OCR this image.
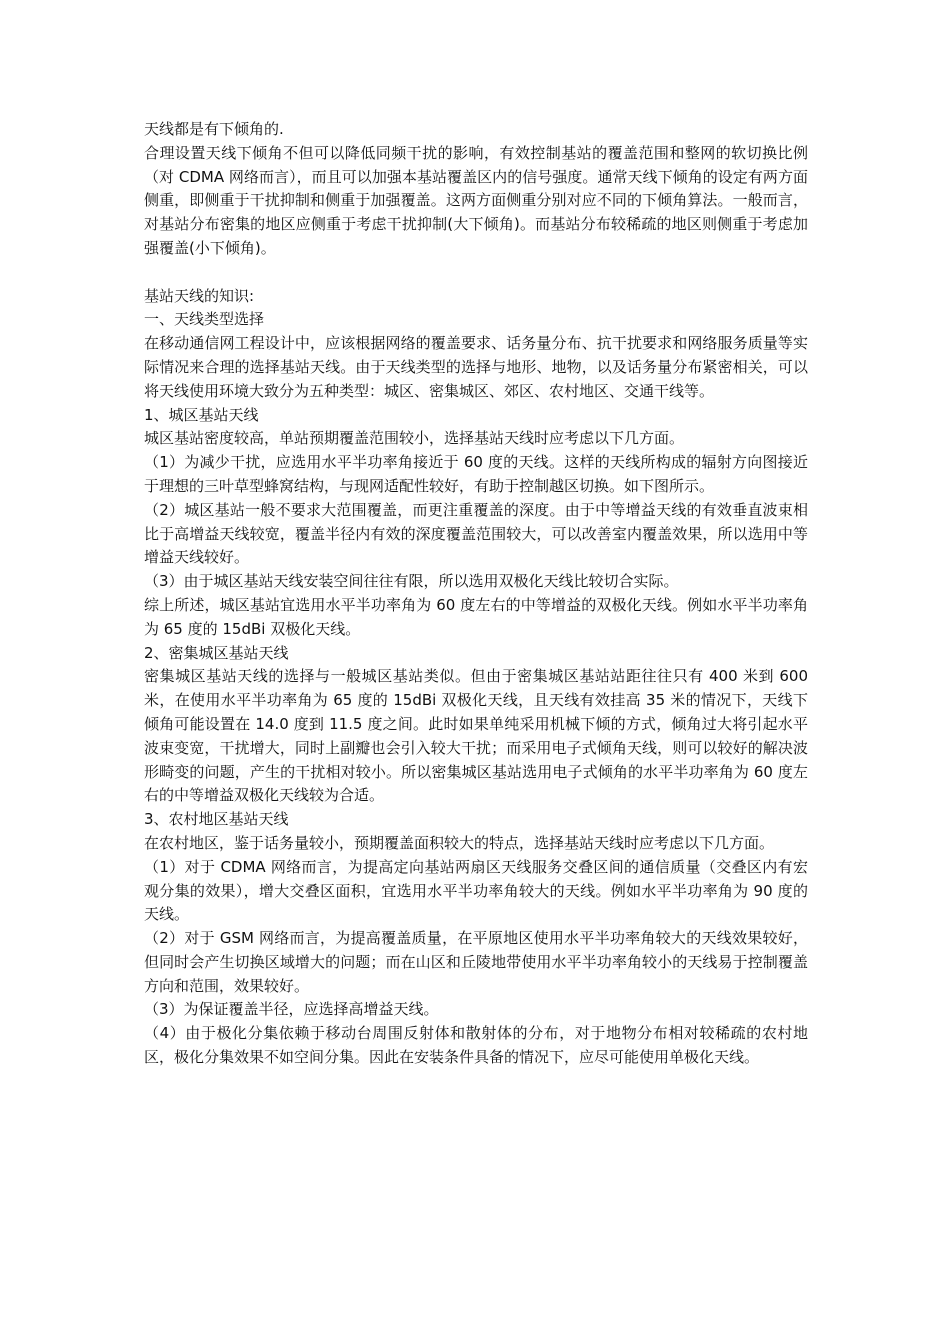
天线都是有下倾角的.

合理设置天线下倾角不但可以降低同频干扰的影响，有效控制基站的覆盖范围和整网的软切换比例（对 CDMA 网络而言），而且可以加强本基站覆盖区内的信号强度。通常天线下倾角的设定有两方面侧重，即侧重于干扰抑制和侧重于加强覆盖。这两方面侧重分别对应不同的下倾角算法。一般而言，对基站分布密集的地区应侧重于考虑干扰抑制(大下倾角)。而基站分布较稀疏的地区则侧重于考虑加强覆盖(小下倾角)。

基站天线的知识:

一、天线类型选择

在移动通信网工程设计中，应该根据网络的覆盖要求、话务量分布、抗干扰要求和网络服务质量等实际情况来合理的选择基站天线。由于天线类型的选择与地形、地物，以及话务量分布紧密相关，可以将天线使用环境大致分为五种类型：城区、密集城区、郊区、农村地区、交通干线等。

1、城区基站天线

城区基站密度较高，单站预期覆盖范围较小，选择基站天线时应考虑以下几方面。

（1）为减少干扰，应选用水平半功率角接近于 60 度的天线。这样的天线所构成的辐射方向图接近于理想的三叶草型蜂窝结构，与现网适配性较好，有助于控制越区切换。如下图所示。

（2）城区基站一般不要求大范围覆盖，而更注重覆盖的深度。由于中等增益天线的有效垂直波束相比于高增益天线较宽，覆盖半径内有效的深度覆盖范围较大，可以改善室内覆盖效果，所以选用中等增益天线较好。

（3）由于城区基站天线安装空间往往有限，所以选用双极化天线比较切合实际。

综上所述，城区基站宜选用水平半功率角为 60 度左右的中等增益的双极化天线。例如水平半功率角为 65 度的 15dBi 双极化天线。

2、密集城区基站天线

密集城区基站天线的选择与一般城区基站类似。但由于密集城区基站站距往往只有 400 米到 600 米，在使用水平半功率角为 65 度的 15dBi 双极化天线，且天线有效挂高 35 米的情况下，天线下倾角可能设置在 14.0 度到 11.5 度之间。此时如果单纯采用机械下倾的方式，倾角过大将引起水平波束变宽，干扰增大，同时上副瓣也会引入较大干扰；而采用电子式倾角天线，则可以较好的解决波形畸变的问题，产生的干扰相对较小。所以密集城区基站选用电子式倾角的水平半功率角为 60 度左右的中等增益双极化天线较为合适。

3、农村地区基站天线

在农村地区，鉴于话务量较小，预期覆盖面积较大的特点，选择基站天线时应考虑以下几方面。

（1）对于 CDMA 网络而言，为提高定向基站两扇区天线服务交叠区间的通信质量（交叠区内有宏观分集的效果），增大交叠区面积，宜选用水平半功率角较大的天线。例如水平半功率角为 90 度的天线。

（2）对于 GSM 网络而言，为提高覆盖质量，在平原地区使用水平半功率角较大的天线效果较好，但同时会产生切换区域增大的问题；而在山区和丘陵地带使用水平半功率角较小的天线易于控制覆盖方向和范围，效果较好。

（3）为保证覆盖半径，应选择高增益天线。

（4）由于极化分集依赖于移动台周围反射体和散射体的分布，对于地物分布相对较稀疏的农村地区，极化分集效果不如空间分集。因此在安装条件具备的情况下，应尽可能使用单极化天线。
